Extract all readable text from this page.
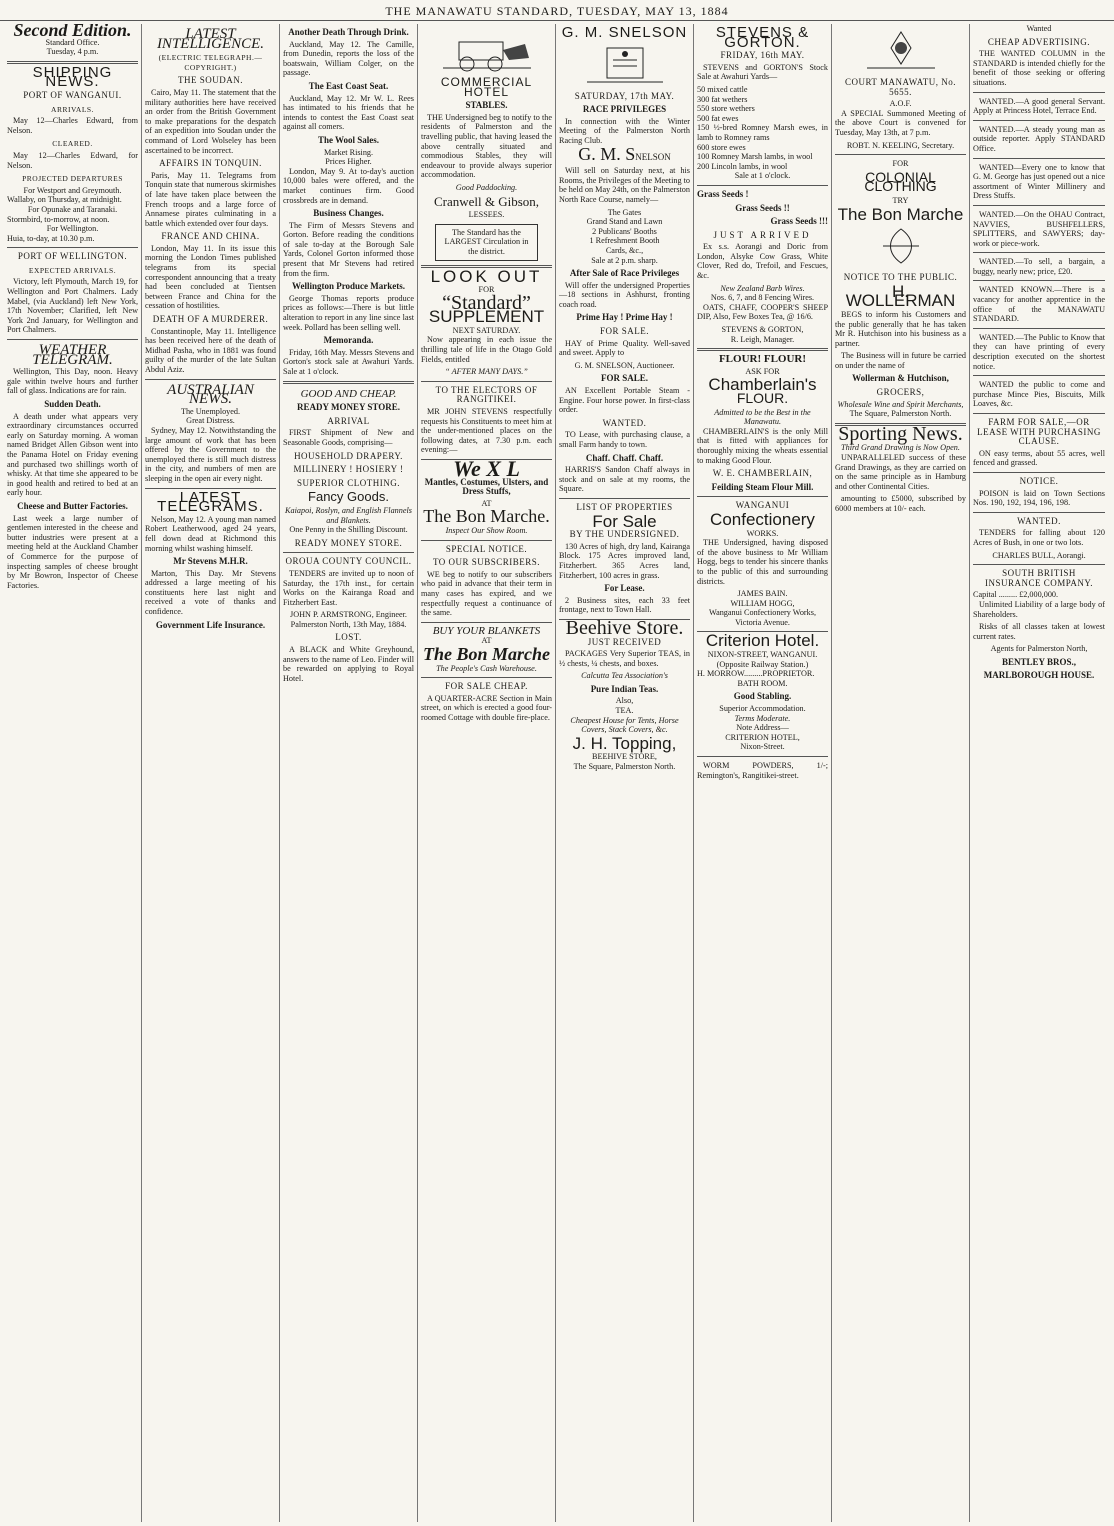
THE MANAWATU STANDARD, TUESDAY, MAY 13, 1884
Second Edition.
Standard Office.
Tuesday, 4 p.m.
SHIPPING NEWS.
PORT OF WANGANUI.
ARRIVALS.

May 12—Charles Edward, from Nelson.

CLEARED.

May 12—Charles Edward, for Nelson.

PROJECTED DEPARTURES
For Westport and Greymouth.
Wallaby, on Thursday, at midnight.
For Opunake and Taranaki.
Stormbird, to-morrow, at noon.
For Wellington.
Huia, to-day, at 10.30 p.m.
PORT OF WELLINGTON.
EXPECTED ARRIVALS.

Victory, left Plymouth, March 19, for Wellington and Port Chalmers. Lady Mabel, (via Auckland) left New York, 17th November; Clarified, left New York 2nd January, for Wellington and Port Chalmers.

WEATHER TELEGRAM.

Wellington, This Day, noon. Heavy gale within twelve hours and further fall of glass. Indications are for rain.

Sudden Death.

A death under what appears very extraordinary circumstances occurred early on Saturday morning. A woman named Bridget Allen Gibson went into the Panama Hotel on Friday evening and purchased two shillings worth of whisky. At that time she appeared to be in good health and retired to bed at an early hour.

Cheese and Butter Factories.

Last week a large number of gentlemen interested in the cheese and butter industries were present at a meeting held at the Auckland Chamber of Commerce for the purpose of inspecting samples of cheese brought by Mr Bowron, Inspector of Cheese Factories.

LATEST INTELLIGENCE.
(ELECTRIC TELEGRAPH.—COPYRIGHT.)
THE SOUDAN.

Cairo, May 11. The statement that the military authorities here have received an order from the British Government to make preparations for the despatch of an expedition into Soudan under the command of Lord Wolseley has been ascertained to be incorrect.

AFFAIRS IN TONQUIN.

Paris, May 11. Telegrams from Tonquin state that numerous skirmishes of late have taken place between the French troops and a large force of Annamese pirates culminating in a battle which extended over four days.

FRANCE AND CHINA.

London, May 11. In its issue this morning the London Times published telegrams from its special correspondent announcing that a treaty had been concluded at Tientsen between France and China for the cessation of hostilities.

DEATH OF A MURDERER.

Constantinople, May 11. Intelligence has been received here of the death of Midhad Pasha, who in 1881 was found guilty of the murder of the late Sultan Abdul Aziz.

AUSTRALIAN NEWS.
The Unemployed.
Great Distress.

Sydney, May 12. Notwithstanding the large amount of work that has been offered by the Government to the unemployed there is still much distress in the city, and numbers of men are sleeping in the open air every night.

LATEST TELEGRAMS.

Nelson, May 12. A young man named Robert Leatherwood, aged 24 years, fell down dead at Richmond this morning whilst washing himself.

Mr Stevens M.H.R.

Marton, This Day. Mr Stevens addressed a large meeting of his constituents here last night and received a vote of thanks and confidence.

Government Life Insurance.
Another Death Through Drink.

Auckland, May 12. The Camille, from Dunedin, reports the loss of the boatswain, William Colger, on the passage.

The East Coast Seat.

Auckland, May 12. Mr W. L. Rees has intimated to his friends that he intends to contest the East Coast seat against all comers.

The Wool Sales.
Market Rising.
Prices Higher.

London, May 9. At to-day's auction 10,000 bales were offered, and the market continues firm. Good crossbreds are in demand.

Business Changes.

The Firm of Messrs Stevens and Gorton. Before reading the conditions of sale to-day at the Borough Sale Yards, Colonel Gorton informed those present that Mr Stevens had retired from the firm.

Wellington Produce Markets.

George Thomas reports produce prices as follows:—There is but little alteration to report in any line since last week. Pollard has been selling well.

Memoranda.

Friday, 16th May. Messrs Stevens and Gorton's stock sale at Awahuri Yards. Sale at 1 o'clock.

GOOD AND CHEAP.
READY MONEY STORE.
ARRIVAL

FIRST Shipment of New and Seasonable Goods, comprising—

HOUSEHOLD DRAPERY.
MILLINERY ! HOSIERY !
SUPERIOR CLOTHING.
Fancy Goods.
Kaiapoi, Roslyn, and English Flannels and Blankets.
One Penny in the Shilling Discount.
READY MONEY STORE.
OROUA COUNTY COUNCIL.

TENDERS are invited up to noon of Saturday, the 17th inst., for certain Works on the Kairanga Road and Fitzherbert East.

JOHN P. ARMSTRONG, Engineer.
Palmerston North, 13th May, 1884.
LOST.

A BLACK and White Greyhound, answers to the name of Leo. Finder will be rewarded on applying to Royal Hotel.

COMMERCIAL HOTEL
STABLES.

THE Undersigned beg to notify to the residents of Palmerston and the travelling public, that having leased the above centrally situated and commodious Stables, they will endeavour to provide always superior accommodation.

Good Paddocking.
Cranwell & Gibson,
LESSEES.
The Standard has the LARGEST Circulation in the district.
LOOK OUT
FOR
“Standard”
SUPPLEMENT
NEXT SATURDAY.

Now appearing in each issue the thrilling tale of life in the Otago Gold Fields, entitled

“ AFTER MANY DAYS.”
TO THE ELECTORS OF RANGITIKEI.

MR JOHN STEVENS respectfully requests his Constituents to meet him at the under-mentioned places on the following dates, at 7.30 p.m. each evening:—

We X L
Mantles, Costumes, Ulsters, and Dress Stuffs,
AT
The Bon Marche.
Inspect Our Show Room.
SPECIAL NOTICE.
TO OUR SUBSCRIBERS.

WE beg to notify to our subscribers who paid in advance that their term in many cases has expired, and we respectfully request a continuance of the same.

BUY YOUR BLANKETS
AT
The Bon Marche
The People's Cash Warehouse.
FOR SALE CHEAP.

A QUARTER-ACRE Section in Main street, on which is erected a good four-roomed Cottage with double fire-place.

G. M. SNELSON
SATURDAY, 17th MAY.
RACE PRIVILEGES

In connection with the Winter Meeting of the Palmerston North Racing Club.

G. M. SNELSON

Will sell on Saturday next, at his Rooms, the Privileges of the Meeting to be held on May 24th, on the Palmerston North Race Course, namely—

The Gates
Grand Stand and Lawn
2 Publicans' Booths
1 Refreshment Booth
Cards, &c.,
Sale at 2 p.m. sharp.
After Sale of Race Privileges

Will offer the undersigned Properties—18 sections in Ashhurst, fronting coach road.

Prime Hay ! Prime Hay !
FOR SALE.

HAY of Prime Quality. Well-saved and sweet. Apply to

G. M. SNELSON, Auctioneer.
FOR SALE.

AN Excellent Portable Steam - Engine. Four horse power. In first-class order.

WANTED.

TO Lease, with purchasing clause, a small Farm handy to town.

Chaff. Chaff. Chaff.

HARRIS'S Sandon Chaff always in stock and on sale at my rooms, the Square.

LIST OF PROPERTIES
For Sale
BY THE UNDERSIGNED.

130 Acres of high, dry land, Kairanga Block. 175 Acres improved land, Fitzherbert. 365 Acres land, Fitzherbert, 100 acres in grass.

For Lease.

2 Business sites, each 33 feet frontage, next to Town Hall.

Beehive Store.
JUST RECEIVED

PACKAGES Very Superior TEAS, in ½ chests, ¼ chests, and boxes.

Calcutta Tea Association's
Pure Indian Teas.
Also,
TEA.
Cheapest House for Tents, Horse Covers, Stack Covers, &c.
J. H. Topping,
BEEHIVE STORE,
The Square, Palmerston North.
STEVENS & GORTON.
FRIDAY, 16th MAY.

STEVENS and GORTON'S Stock Sale at Awahuri Yards—

50 mixed cattle
300 fat wethers
550 store wethers
500 fat ewes
150 ½-bred Romney Marsh ewes, in lamb to Romney rams
600 store ewes
100 Romney Marsh lambs, in wool
200 Lincoln lambs, in wool
Sale at 1 o'clock.
Grass Seeds !
Grass Seeds !!
Grass Seeds !!!
JUST ARRIVED

Ex s.s. Aorangi and Doric from London, Alsyke Cow Grass, White Clover, Red do, Trefoil, and Fescues, &c.

New Zealand Barb Wires.
Nos. 6, 7, and 8 Fencing Wires.

OATS, CHAFF, COOPER'S SHEEP DIP, Also, Few Boxes Tea, @ 16/6.

STEVENS & GORTON,
R. Leigh, Manager.
FLOUR! FLOUR!
ASK FOR
Chamberlain's
FLOUR.
Admitted to be the Best in the Manawatu.

CHAMBERLAIN'S is the only Mill that is fitted with appliances for thoroughly mixing the wheats essential to making Good Flour.

W. E. CHAMBERLAIN,
Feilding Steam Flour Mill.
WANGANUI
Confectionery
WORKS.

THE Undersigned, having disposed of the above business to Mr William Hogg, begs to tender his sincere thanks to the public of this and surrounding districts.

JAMES BAIN.
WILLIAM HOGG,
Wanganui Confectionery Works, Victoria Avenue.
Criterion Hotel.
NIXON-STREET, WANGANUI.
(Opposite Railway Station.)
H. MORROW.........PROPRIETOR.
BATH ROOM.
Good Stabling.
Superior Accommodation.
Terms Moderate.
Note Address—
CRITERION HOTEL,
Nixon-Street.

WORM POWDERS, 1/-; Remington's, Rangitikei-street.

COURT MANAWATU, No. 5655.
A.O.F.

A SPECIAL Summoned Meeting of the above Court is convened for Tuesday, May 13th, at 7 p.m.

ROBT. N. KEELING, Secretary.
FOR
COLONIAL CLOTHING
TRY
The Bon Marche
NOTICE TO THE PUBLIC.
H. WOLLERMAN

BEGS to inform his Customers and the public generally that he has taken Mr R. Hutchison into his business as a partner.

The Business will in future be carried on under the name of

Wollerman & Hutchison,
GROCERS,
Wholesale Wine and Spirit Merchants,
The Square, Palmerston North.
Sporting News.
Third Grand Drawing is Now Open.

UNPARALLELED success of these Grand Drawings, as they are carried on on the same principle as in Hamburg and other Continental Cities.

amounting to £5000, subscribed by 6000 members at 10/- each.

Wanted
CHEAP ADVERTISING.

THE WANTED COLUMN in the STANDARD is intended chiefly for the benefit of those seeking or offering situations.

WANTED.—A good general Servant. Apply at Princess Hotel, Terrace End.

WANTED.—A steady young man as outside reporter. Apply STANDARD Office.

WANTED—Every one to know that G. M. George has just opened out a nice assortment of Winter Millinery and Dress Stuffs.

WANTED.—On the OHAU Contract, NAVVIES, BUSHFELLERS, SPLITTERS, and SAWYERS; day-work or piece-work.

WANTED.—To sell, a bargain, a buggy, nearly new; price, £20.

WANTED KNOWN.—There is a vacancy for another apprentice in the office of the MANAWATU STANDARD.

WANTED.—The Public to Know that they can have printing of every description executed on the shortest notice.

WANTED the public to come and purchase Mince Pies, Biscuits, Milk Loaves, &c.

FARM FOR SALE,—OR LEASE WITH PURCHASING CLAUSE.

ON easy terms, about 55 acres, well fenced and grassed.

NOTICE.

POISON is laid on Town Sections Nos. 190, 192, 194, 196, 198.

WANTED.

TENDERS for falling about 120 Acres of Bush, in one or two lots.

CHARLES BULL, Aorangi.
SOUTH BRITISH INSURANCE COMPANY.
Capital ......... £2,000,000.

Unlimited Liability of a large body of Shareholders.

Risks of all classes taken at lowest current rates.

Agents for Palmerston North,
BENTLEY BROS.,
MARLBOROUGH HOUSE.
